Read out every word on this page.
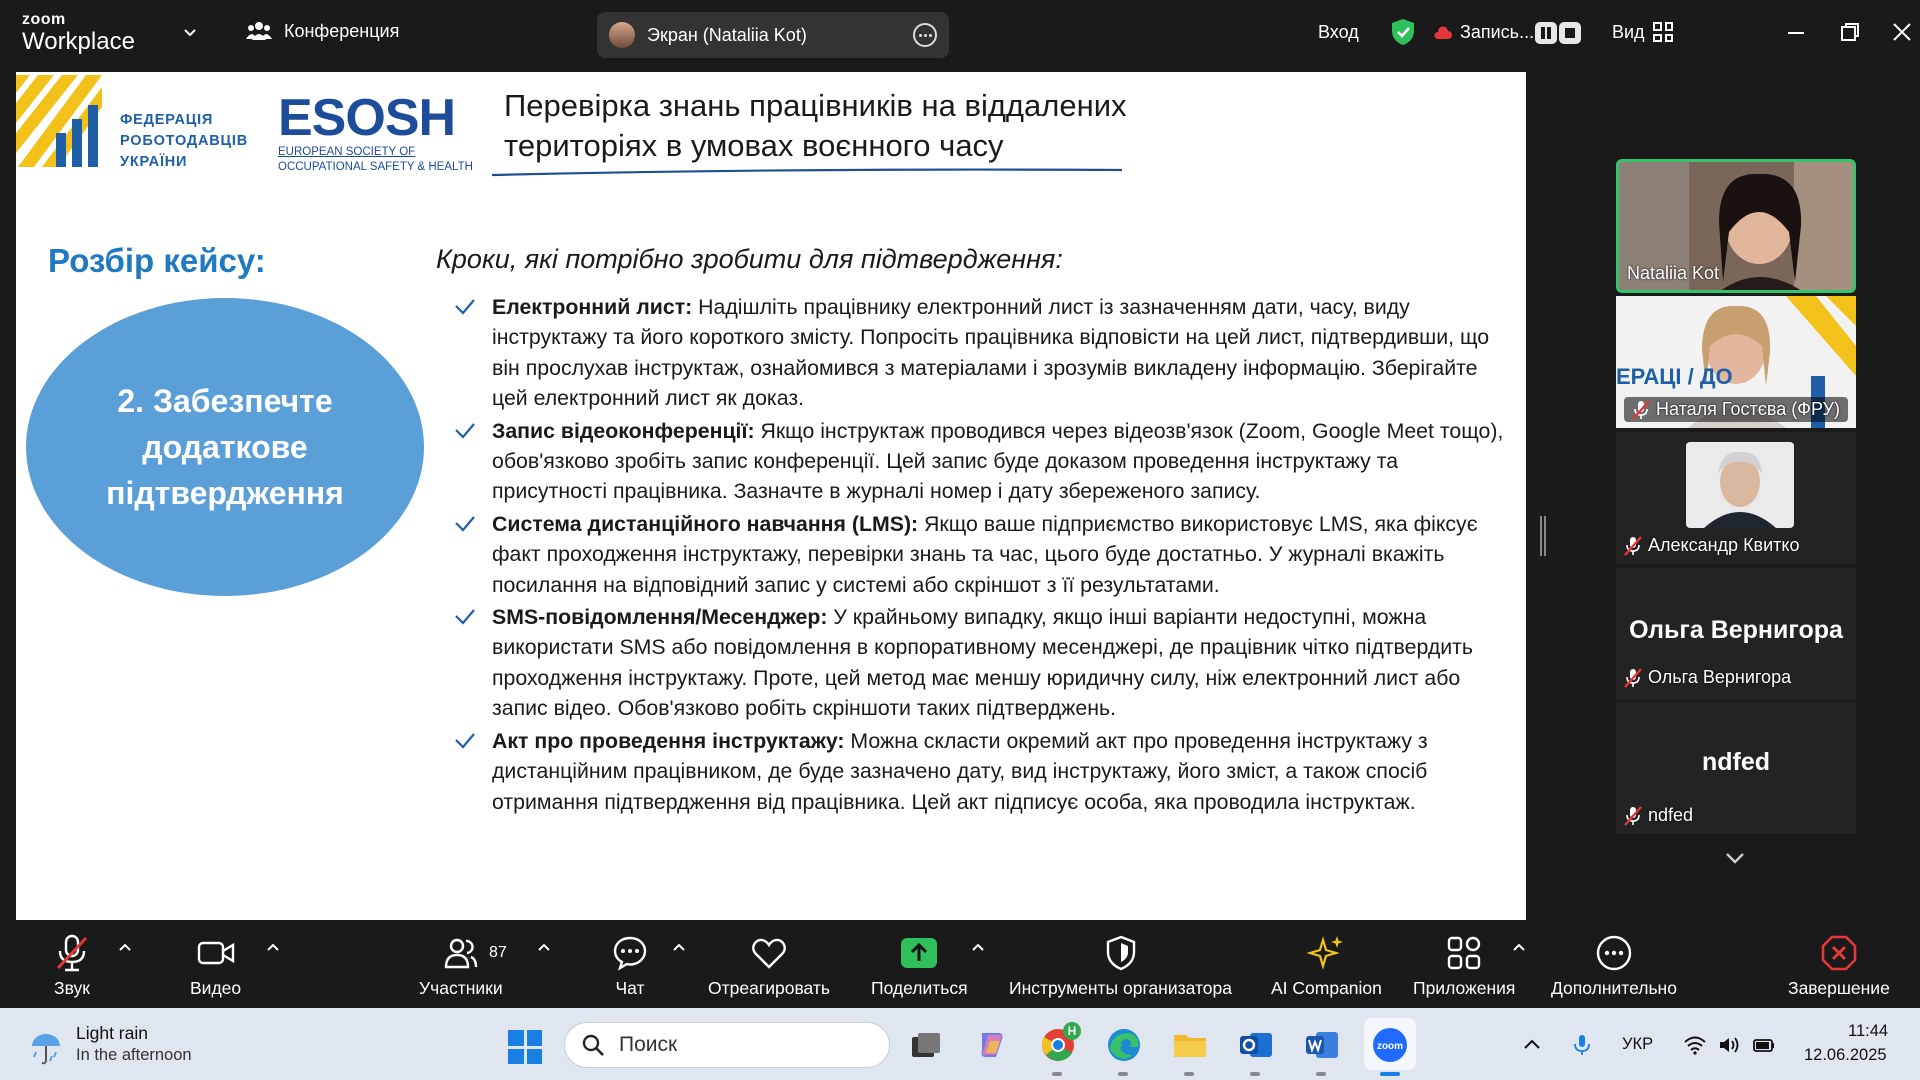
zoom
Workplace	Конференция	Экран (Nataliia Kot)	Вход	Запись...	Вид
ФЕДЕРАЦІЯ
РОБОТОДАВЦІВ
УКРАЇНИ
ESOSH
EUROPEAN SOCIETY OF
OCCUPATIONAL SAFETY & HEALTH
Перевірка знань працівників на віддалених
територіях в умовах воєнного часу
Розбір кейсу:
2. Забезпечте додаткове підтвердження
Кроки, які потрібно зробити для підтвердження:
Електронний лист: Надішліть працівнику електронний лист із зазначенням дати, часу, виду інструктажу та його короткого змісту. Попросіть працівника відповісти на цей лист, підтвердивши, що він прослухав інструктаж, ознайомився з матеріалами і зрозумів викладену інформацію. Зберігайте цей електронний лист як доказ.
Запис відеоконференції: Якщо інструктаж проводився через відеозв'язок (Zoom, Google Meet тощо), обов'язково зробіть запис конференції. Цей запис буде доказом проведення інструктажу та присутності працівника. Зазначте в журналі номер і дату збереженого запису.
Система дистанційного навчання (LMS): Якщо ваше підприємство використовує LMS, яка фіксує факт проходження інструктажу, перевірки знань та час, цього буде достатньо. У журналі вкажіть посилання на відповідний запис у системі або скріншот з її результатами.
SMS-повідомлення/Месенджер: У крайньому випадку, якщо інші варіанти недоступні, можна використати SMS або повідомлення в корпоративному месенджері, де працівник чітко підтвердить проходження інструктажу. Проте, цей метод має меншу юридичну силу, ніж електронний лист або запис відео. Обов'язково робіть скріншоти таких підтверджень.
Акт про проведення інструктажу: Можна скласти окремий акт про проведення інструктажу з дистанційним працівником, де буде зазначено дату, вид інструктажу, його зміст, а також спосіб отримання підтвердження від працівника. Цей акт підписує особа, яка проводила інструктаж.
Nataliia Kot
ЕРАЦІ / ДО
Наталя Гостєва (ФРУ)
Александр Квитко
Ольга Вернигора
Ольга Вернигора
ndfed
ndfed
Звук	Видео	Участники
87
Чат	Отреагировать Поделиться Инструменты организатора AI Companion Приложения Дополнительно	Завершение
Light rain
In the afternoon	Поиск
H
zoom	УКР
11:44
12.06.2025
